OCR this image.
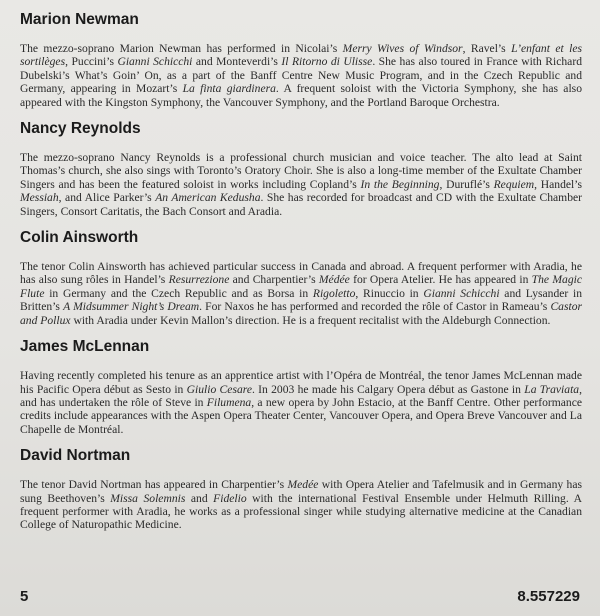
Marion Newman

The mezzo-soprano Marion Newman has performed in Nicolai’s Merry Wives of Windsor, Ravel’s L’enfant et les sortilèges, Puccini’s Gianni Schicchi and Monteverdi’s Il Ritorno di Ulisse. She has also toured in France with Richard Dubelski’s What’s Goin’ On, as a part of the Banff Centre New Music Program, and in the Czech Republic and Germany, appearing in Mozart’s La finta giardinera. A frequent soloist with the Victoria Symphony, she has also appeared with the Kingston Symphony, the Vancouver Symphony, and the Portland Baroque Orchestra.

Nancy Reynolds

The mezzo-soprano Nancy Reynolds is a professional church musician and voice teacher. The alto lead at Saint Thomas’s church, she also sings with Toronto’s Oratory Choir. She is also a long-time member of the Exultate Chamber Singers and has been the featured soloist in works including Copland’s In the Beginning, Duruflé’s Requiem, Handel’s Messiah, and Alice Parker’s An American Kedusha. She has recorded for broadcast and CD with the Exultate Chamber Singers, Consort Caritatis, the Bach Consort and Aradia.

Colin Ainsworth

The tenor Colin Ainsworth has achieved particular success in Canada and abroad. A frequent performer with Aradia, he has also sung rôles in Handel’s Resurrezione and Charpentier’s Médée for Opera Atelier. He has appeared in The Magic Flute in Germany and the Czech Republic and as Borsa in Rigoletto, Rinuccio in Gianni Schicchi and Lysander in Britten’s A Midsummer Night’s Dream. For Naxos he has performed and recorded the rôle of Castor in Rameau’s Castor and Pollux with Aradia under Kevin Mallon’s direction. He is a frequent recitalist with the Aldeburgh Connection.

James McLennan

Having recently completed his tenure as an apprentice artist with l’Opéra de Montréal, the tenor James McLennan made his Pacific Opera début as Sesto in Giulio Cesare. In 2003 he made his Calgary Opera début as Gastone in La Traviata, and has undertaken the rôle of Steve in Filumena, a new opera by John Estacio, at the Banff Centre. Other performance credits include appearances with the Aspen Opera Theater Center, Vancouver Opera, and Opera Breve Vancouver and La Chapelle de Montréal.

David Nortman

The tenor David Nortman has appeared in Charpentier’s Medée with Opera Atelier and Tafelmusik and in Germany has sung Beethoven’s Missa Solemnis and Fidelio with the international Festival Ensemble under Helmuth Rilling. A frequent performer with Aradia, he works as a professional singer while studying alternative medicine at the Canadian College of Naturopathic Medicine.

5	8.557229
